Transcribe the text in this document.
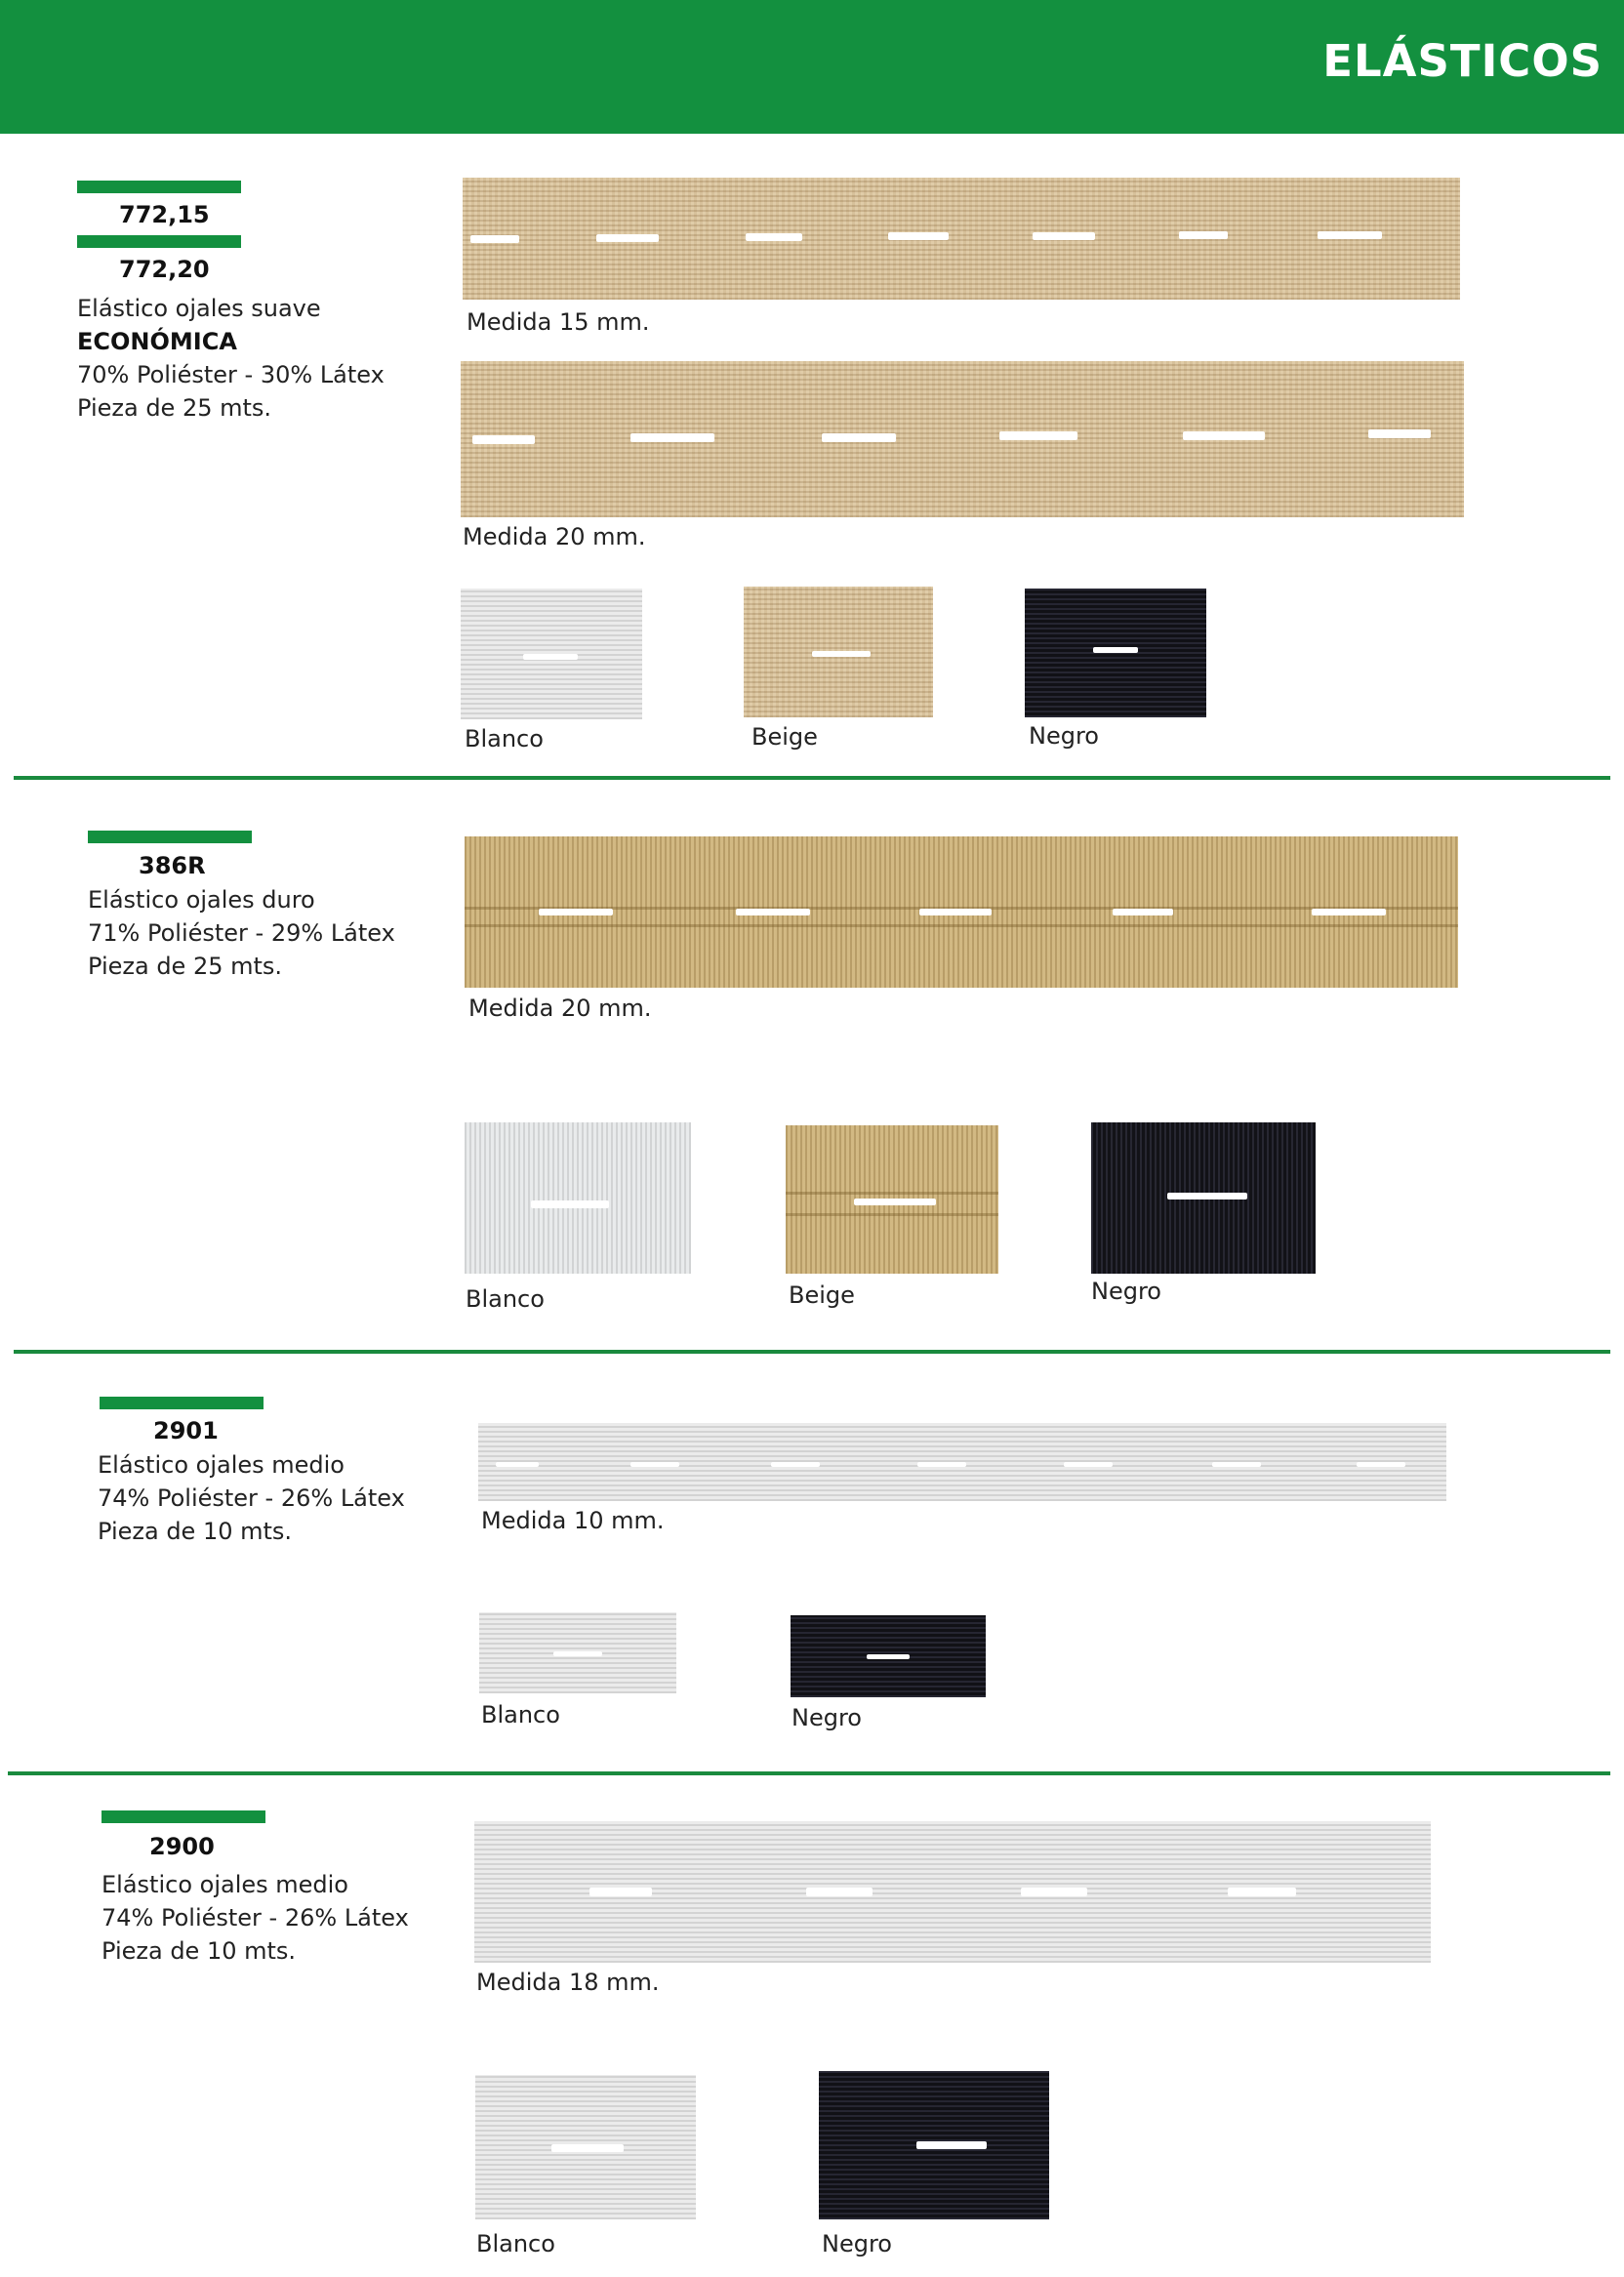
ELÁSTICOS
772,15
772,20
Elástico ojales suave
ECONÓMICA
70% Poliéster - 30% Látex
Pieza de 25 mts.
Medida 15 mm.
Medida 20 mm.
Blanco	Beige	Negro
386R
Elástico ojales duro
71% Poliéster - 29% Látex
Pieza de 25 mts.
Medida 20 mm.
Blanco	Beige	Negro
2901
Elástico ojales medio
74% Poliéster - 26% Látex
Pieza de 10 mts.	Medida 10 mm.
Blanco	Negro
2900
Elástico ojales medio
74% Poliéster - 26% Látex
Pieza de 10 mts.
Medida 18 mm.
Blanco	Negro
